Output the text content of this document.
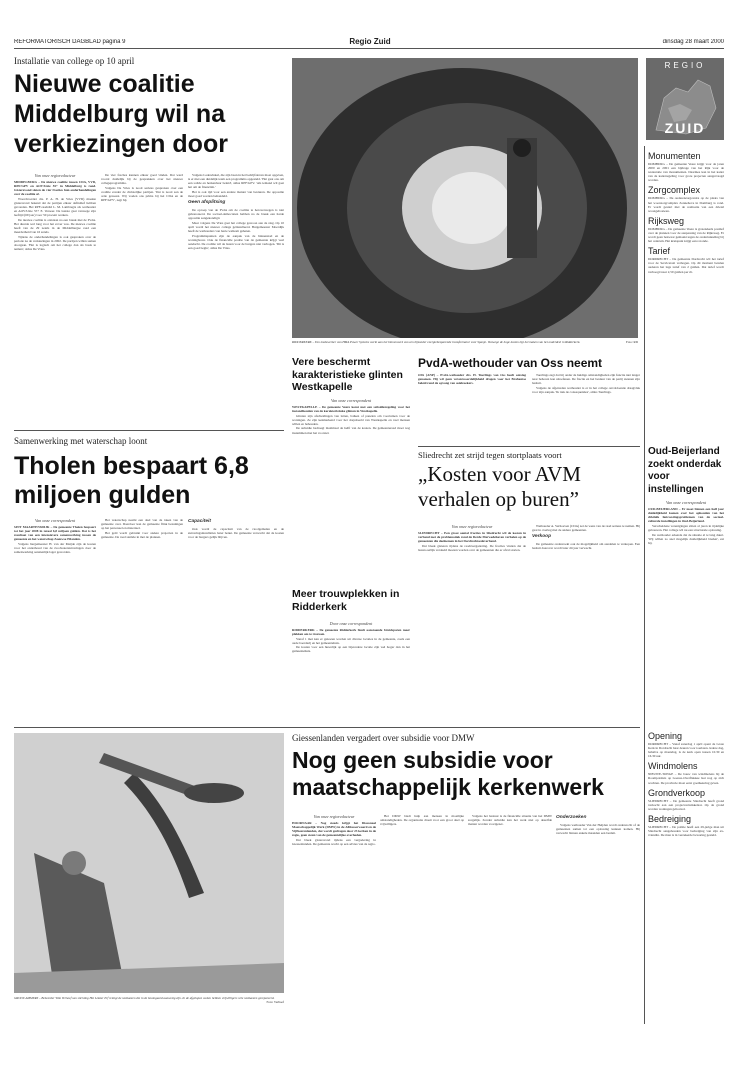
REFORMATORISCH DAGBLAD pagina 9	Regio Zuid	dinsdag 28 maart 2000
REGIO
ZUID
Installatie van college op 10 april
Nieuwe coalitie Middelburg wil na verkiezingen door
Van onze regioredacteur

MIDDELBURG – De nieuwe coalitie tussen CDA, VVD, RPF/GPV en AOV/Unie 55+ in Middelburg is rond. Gisteravond sloten de vier fracties hun onderhandelingen over de coalitie af.

Woordvoerder drs. P. A. H. de Vries (VVD) maakte gisteravond bekend dat de partijen elkaar definitief hebben gevonden. Het RPF-raadslid L. M. Lambregts als wethouder en AOV/Unie 55+ E. Verseer. De laatste gaat vanwege zijn leeftijd (69 jaar) voor 50 procent werken.

De nieuwe coalitie is ontstaan na een breuk met de PvdA. Het duurde wel lang voor het zover was. De nieuwe coalitie heeft van de 29 zetels in de Middelburgse raad een meerderheid van 16 zetels.

Tijdens de onderhandelingen is ook gesproken over de periode na de verkiezingen in 2002. De partijen willen samen doorgaan. 'Het is logisch om het college dan als basis te nemen', aldus De Vries.

De vier fracties kunnen elkaar goed vinden. Dat werd vooral duidelijk bij de gesprekken over het nieuwe collegeprogramma.

Volgens De Vries is nooit serieus gesproken over een coalitie zonder de christelijke partijen. 'Dat is nooit aan de orde geweest. Wij voelen ons prima bij het CDA en de RPF/GPV', zegt hij.

Volgens Ladewinkel, die zijn baan in het bedrijfsleven moet opgeven, is er met een duidelijk team een programma opgesteld. 'Het gaat ons om een solide en herkenbaar beleid', aldus RPF/GPV. 'Als iemand wil gaat het om de financiën.'

Het is ook tijd voor een andere manier van besturen. De oppositie moet goed worden behandeld.

Geen afsplitsing

De oproep van de PvdA om de coalitie te heroverwegen is niet gehonoreerd. De sociaal-democraten hebben na de breuk een harde oppositie aangekondigd.

Maar volgens De Vries gaat het college gewoon aan de slag. Op 10 april wordt het nieuwe college geïnstalleerd. Burgemeester Moerdijk heeft de wethouders van harte welkom geheten.

Programmapunten zijn de aanpak van de binnenstad en de woningbouw. Ook de financiële positie van de gemeente krijgt veel aandacht. De coalitie wil de lasten voor de burgers niet verhogen. 'Dit is een goed begin', aldus De Vries.

RIDDERKERK – Een medewerker van HMA Power Systems werkt aan het binnenwerk van een bijzonder energiebesparende transformator voor Spanje. Vanwege de hoge kosten ligt het maken van het onderdeel in Ridderkerk.	Foto: RD
Vere beschermt karakteristieke glinten Westkapelle
Van onze correspondent

WESTKAPELLE – De gemeente Veere komt met een subsidieregeling voor het instandhouden van de karakteristieke glinten in Westkapelle.

Glinten zijn afscheidingen van latten, balken of panelen om voortuinen voor de woningen. Ze zijn kenmerkend voor het dorpsbeeld van Westkapelle en veel mensen willen ze behouden.

De subsidie bedraagt maximaal de helft van de kosten. De gemeenteraad moet nog instemmen met het voorstel.

PvdA-wethouder van Oss neemt

OSS (ANP) – PvdA-wethouder drs. H. Tuerlings van Oss heeft ontslag genomen. Hij wil geen verantwoordelijkheid dragen voor het Brabantse beleid rond de opvang van asielzoekers.

Tuerlings zegt dat hij onder de huidige omstandigheden zijn functie niet langer naar behoren kan uitoefenen. De fractie en het bestuur van de partij steunen zijn besluit.

Volgens de afgetreden wethouder is er in het college onvoldoende draagvlak voor zijn aanpak. 'Ik trek de consequenties', aldus Tuerlings.

Sliedrecht zet strijd tegen stortplaats voort
„Kosten voor AVM verhalen op buren”
Van onze regioredacteur

SLIEDRECHT – Een groot aantal fracties in Sliedrecht wil de kosten in verband met de problematiek rond de Derde Merwedehaven verhalen op de gemeenten die deelnemen in het Dordrechtsedeverband.

Dat bleek gisteren tijdens de raadsvergadering. De fracties vinden dat de lasten eerlijk verdeeld moeten worden over de gemeenten die er afval storten.

Wethouder A. Verhoeven (CDA) zei de wens van de raad serieus te nemen. Hij gaat in overleg met de andere gemeenten.

Verkoop

De gemeente onderzoekt ook de mogelijkheid om aandelen te verkopen. Een besluit daarover wordt later dit jaar verwacht.

Oud-Beijerland zoekt onderdak voor instellingen
Van onze correspondent

OUD-BEIJERLAND – Er moet binnen een half jaar duidelijkheid komen over het ophouden van het drieluik huisvestingsproblemen van de sociaal-culturele instellingen in Oud-Beijerland.

Verscheidene verenigingen zitten al jaren in tijdelijke gebouwen. Het college wil nu een structurele oplossing.

De wethouder erkende dat de situatie al te lang duurt. 'Wij willen zo snel mogelijk duidelijkheid bieden', zei hij.

Samenwerking met waterschap loont
Tholen bespaart 6,8 miljoen gulden
Van onze correspondent

SINT MAARTENSDIJK – De gemeente Tholen bespaart tot het jaar 2008 in totaal 6,8 miljoen gulden. Dat is het resultaat van een intensievere samenwerking tussen de gemeente en het waterschap Zeeuwse Eilanden.

Volgens burgemeester H. van der Meijde zijn de kosten voor het onderhoud van de rioolwaterzuiveringen door de samenwerking aanzienlijk lager geworden.

Het waterschap neemt een deel van de taken van de gemeente over. Daardoor kan de gemeente flink bezuinigen op het personeel en materieel.

Het geld wordt gebruikt voor andere projecten in de gemeente. De raad stemde in met de plannen.

Capaciteit

Ook wordt de capaciteit van de rioolgemalen en de zuiveringsinstallaties beter benut. De gemeente verwacht dat de kosten voor de burgers gelijk blijven.

Meer trouwplekken in Ridderkerk
Door onze correspondent

RIDDERKERK – De gemeente Ridderkerk biedt aanstaande bruidsparen meer plekken om te trouwen.

Vanaf 1 mei kan er gekozen worden uit diverse locaties in de gemeente, zoals een oude boerderij en het gemeentehuis.

De kosten voor een huwelijk op een bijzondere locatie zijn wel hoger dan in het gemeentehuis.

Giessenlanden vergadert over subsidie voor DMW
Nog geen subsidie voor maatschappelijk kerkenwerk
Van onze regioredacteur

HOORNAAR – Nog steeds krijgt het Diaconaal Maatschappelijk Werk (DMW) in de Alblasserwaard en de Vijfheerenlanden, dat wordt gedragen door 23 kerken in de regio, geen steun van de gemeentelijke overheden.

Dat bleek gisteravond tijdens een vergadering in Giessenlanden. De gemeente wacht op een advies van de regio.

Het DMW biedt hulp aan mensen in moeilijke omstandigheden. De organisatie draait voor een groot deel op vrijwilligers.

Volgens het bestuur is de financiële situatie van het DMW zorgelijk. Zonder subsidie kan het werk niet op dezelfde manier worden voortgezet.

Onderzoeken

Volgens wethouder Van der Heijden wordt onderzocht of de gemeenten samen tot een oplossing kunnen komen. Hij verwacht binnen enkele maanden een besluit.

GROOT-AMMERS – Beheerder Wim Verhoef van stichting Het Lekker Erf reinigt de nestkasten die in de boomgaard aanwezig zijn. In de afgelopen weken hebben vrijwilligers vele nestkasten gerepareerd.
Foto: Verhoef
Monumenten
DOMBURG – De gemeente Veere krijgt voor de jaren 2000 en 2001 een bijdrage van het Rijk voor de restauratie van monumenten. Daarmee kan in het kader van de kaderregeling voor grote projecten aangevraagd worden.
Zorgcomplex
DOMBURG – De ouderenzorgcentra op de plaats van het woonzorgcomplex Zonnehove in Domburg is rond. Er wordt gestart met de realisatie van een drietal woongebouwen.
Rijksweg
DOMBURG – De gemeente Veere is grotendeels positief over de plannen voor de aanpassing van de Rijksweg. Er wordt geen bezwaar gemaakt tegen de ondertunneling bij het centrum. Het kruispunt krijgt een rotonde.
Tarief
DORDRECHT – De gemeente Dordrecht wil het tarief voor de Servicetaxi verhogen. Op dit moment betalen ouderen het lage tarief van 2 gulden. Dat tarief wordt verhoogd naar 2,50 gulden per rit.
Opening
DORDRECHT – Vanaf zaterdag 1 april opent de Grote Kerk in Dordrecht haar deuren voor toeristen. Iedere dag, behalve op maandag, is de kerk open tussen 10.30 en 16.30 uur.
Windmolens
NIEUWE-TONGE – De bouw van windmolens bij de Roompotsluis op Goeree-Overflakkee laat nog op zich wachten. De provincie moet eerst goedkeuring geven.
Grondverkoop
SLIEDRECHT – De gemeente Sliedrecht heeft grond verkocht aan een projectontwikkelaar. Op de grond worden woningen gebouwd.
Bedreiging
SLIEDRECHT – De politie heeft een 29-jarige man uit Sliedrecht aangehouden voor bedreiging van zijn ex-vriendin. De man is in verzekerde bewaring gesteld.
